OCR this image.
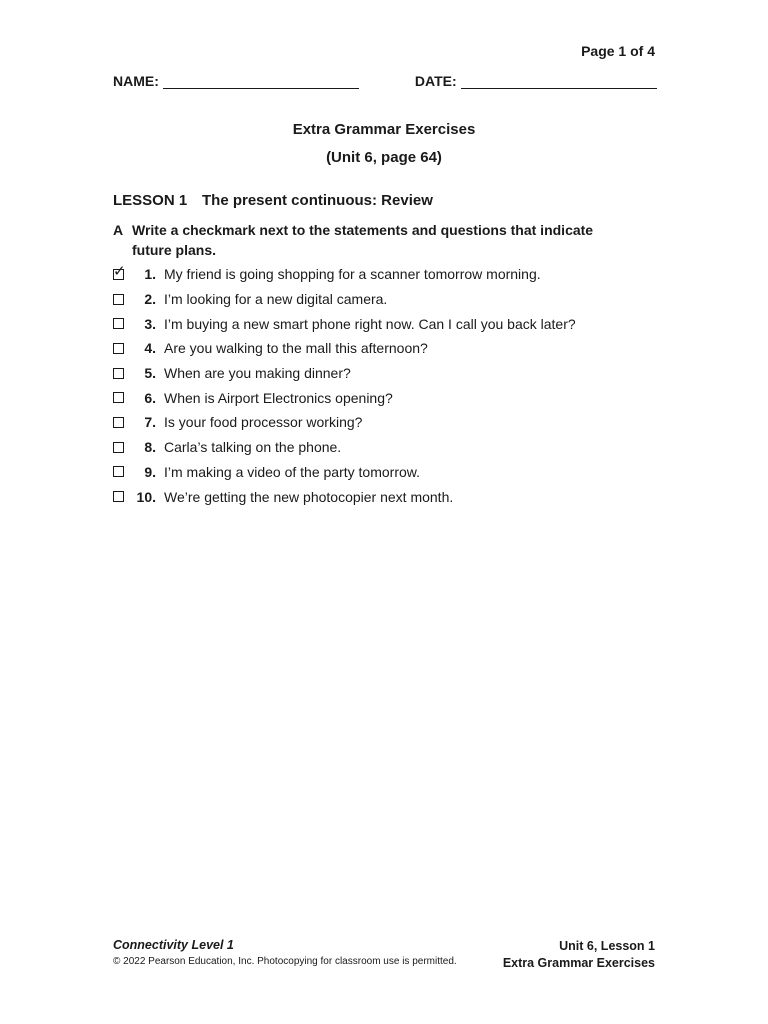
Page 1 of 4
NAME:	DATE:
Extra Grammar Exercises
(Unit 6, page 64)
LESSON 1 The present continuous: Review
A Write a checkmark next to the statements and questions that indicate future plans.
✓	1. My friend is going shopping for a scanner tomorrow morning.
2. I’m looking for a new digital camera.
3. I’m buying a new smart phone right now. Can I call you back later?
4. Are you walking to the mall this afternoon?
5. When are you making dinner?
6. When is Airport Electronics opening?
7. Is your food processor working?
8. Carla’s talking on the phone.
9. I’m making a video of the party tomorrow.
10. We’re getting the new photocopier next month.
Connectivity Level 1
© 2022 Pearson Education, Inc. Photocopying for classroom use is permitted.
Unit 6, Lesson 1
Extra Grammar Exercises
